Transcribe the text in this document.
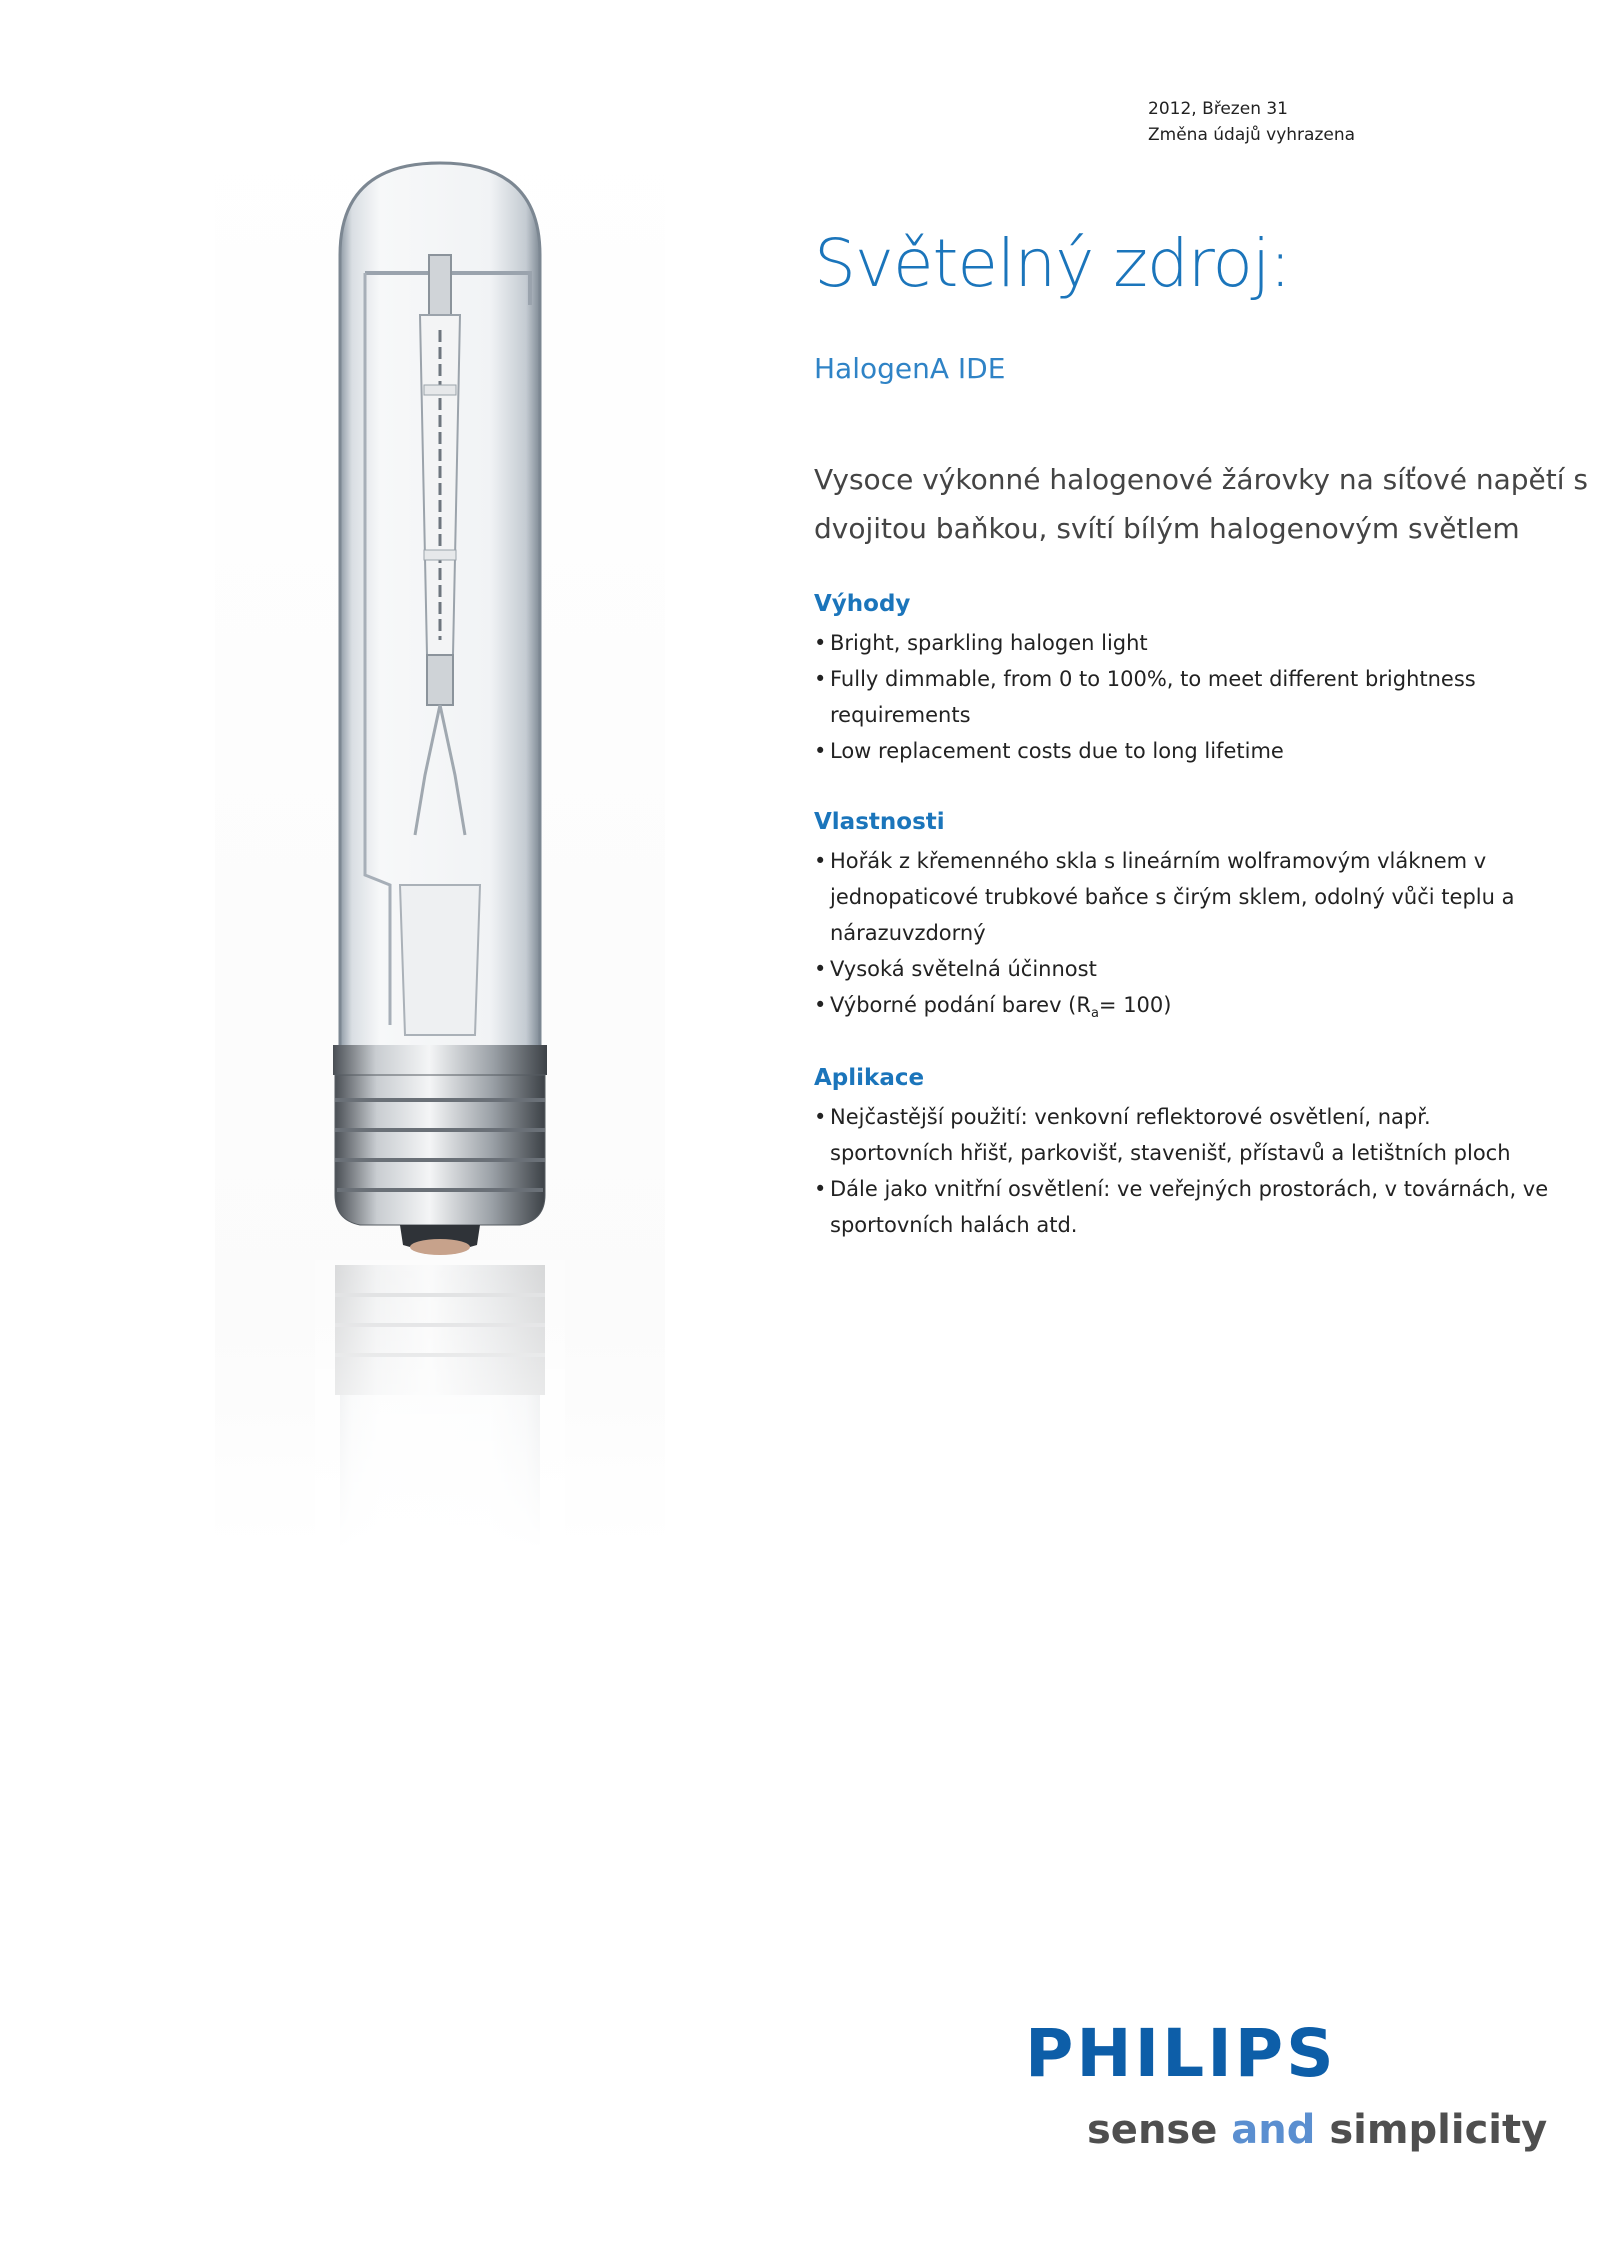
2012, Březen 31
Změna údajů vyhrazena
Světelný zdroj:
HalogenA IDE
Vysoce výkonné halogenové žárovky na síťové napětí s
dvojitou baňkou, svítí bílým halogenovým světlem
Výhody
• Bright, sparkling halogen light
• Fully dimmable, from 0 to 100%, to meet different brightness
requirements
• Low replacement costs due to long lifetime
Vlastnosti
• Hořák z křemenného skla s lineárním wolframovým vláknem v
jednopaticové trubkové baňce s čirým sklem, odolný vůči teplu a
nárazuvzdorný
• Vysoká světelná účinnost
• Výborné podání barev $(R_a= 100)$
Aplikace
• Nejčastější použití: venkovní reflektorové osvětlení, např.
sportovních hřišť, parkovišť, stavenišť, přístavů a letištních ploch
• Dále jako vnitřní osvětlení: ve veřejných prostorách, v továrnách, ve
sportovních halách atd.
PHILIPS
sense and simplicity
